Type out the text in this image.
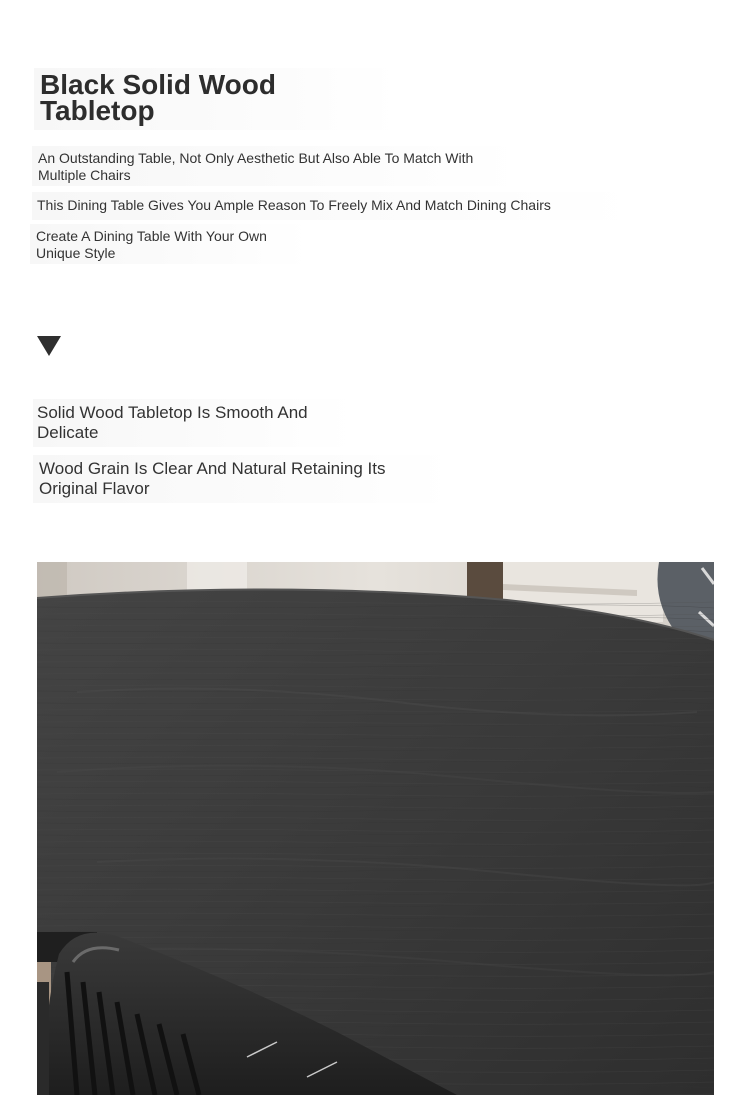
Black Solid Wood Tabletop

An Outstanding Table, Not Only Aesthetic But Also Able To Match With Multiple Chairs

This Dining Table Gives You Ample Reason To Freely Mix And Match Dining Chairs

Create A Dining Table With Your Own Unique Style

Solid Wood Tabletop Is Smooth And Delicate

Wood Grain Is Clear And Natural Retaining Its Original Flavor
